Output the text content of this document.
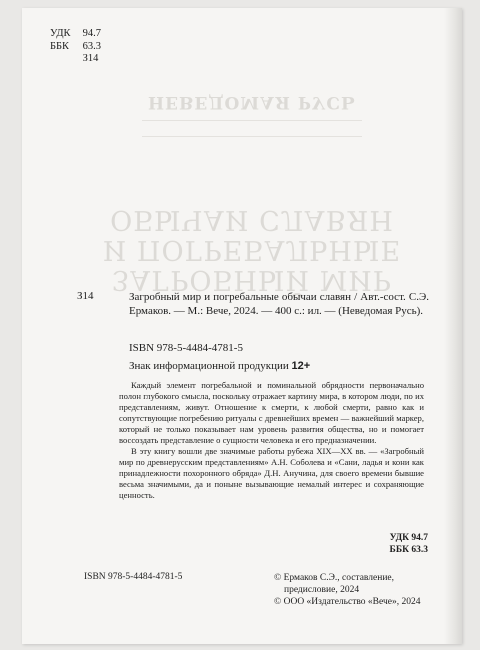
НЕВЕДОМАЯ РУСЬ
ЗАГРОБНЫЙ МИР
И ПОГРЕБАЛЬНЫЕ
ОБЫЧАИ СЛАВЯН
УДК 94.7
ББК 63.3
З14
З14	Загробный мир и погребальные обычаи славян / Авт.-сост. С.Э. Ермаков. — М.: Вече, 2024. — 400 с.: ил. — (Неведомая Русь).
ISBN 978-5-4484-4781-5
Знак информационной продукции 12+

Каждый элемент погребальной и поминальной обрядности первоначально полон глубокого смысла, поскольку отражает картину мира, в котором люди, по их представлениям, живут. Отношение к смерти, к любой смерти, равно как и сопутствующие погребению ритуалы с древнейших времен — важнейший маркер, который не только показывает нам уровень развития общества, но и помогает воссоздать представление о сущности человека и его предназначении.

В эту книгу вошли две значимые работы рубежа XIX—XX вв. — «Загробный мир по древнерусским представлениям» А.Н. Соболева и «Сани, ладья и кони как принадлежности похоронного обряда» Д.Н. Анучина, для своего времени бывшие весьма значимыми, да и поныне вызывающие немалый интерес и сохраняющие ценность.

УДК 94.7
ББК 63.3
ISBN 978-5-4484-4781-5	© Ермаков С.Э., составление,
предисловие, 2024
© ООО «Издательство «Вече», 2024
